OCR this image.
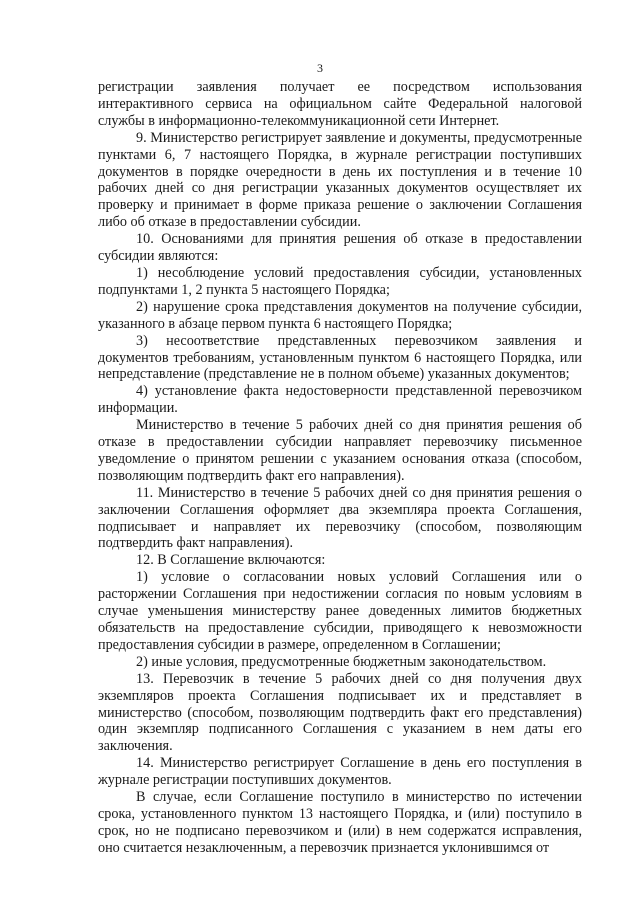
3

регистрации заявления получает ее посредством использования интерактивного сервиса на официальном сайте Федеральной налоговой службы в информационно-телекоммуникационной сети Интернет.

9. Министерство регистрирует заявление и документы, предусмотренные пунктами 6, 7 настоящего Порядка, в журнале регистрации поступивших документов в порядке очередности в день их поступления и в течение 10 рабочих дней со дня регистрации указанных документов осуществляет их проверку и принимает в форме приказа решение о заключении Соглашения либо об отказе в предоставлении субсидии.

10. Основаниями для принятия решения об отказе в предоставлении субсидии являются:

1) несоблюдение условий предоставления субсидии, установленных подпунктами 1, 2 пункта 5 настоящего Порядка;

2) нарушение срока представления документов на получение субсидии, указанного в абзаце первом пункта 6 настоящего Порядка;

3) несоответствие представленных перевозчиком заявления и документов требованиям, установленным пунктом 6 настоящего Порядка, или непредставление (представление не в полном объеме) указанных документов;

4) установление факта недостоверности представленной перевозчиком информации.

Министерство в течение 5 рабочих дней со дня принятия решения об отказе в предоставлении субсидии направляет перевозчику письменное уведомление о принятом решении с указанием основания отказа (способом, позволяющим подтвердить факт его направления).

11. Министерство в течение 5 рабочих дней со дня принятия решения о заключении Соглашения оформляет два экземпляра проекта Соглашения, подписывает и направляет их перевозчику (способом, позволяющим подтвердить факт направления).

12. В Соглашение включаются:

1) условие о согласовании новых условий Соглашения или о расторжении Соглашения при недостижении согласия по новым условиям в случае уменьшения министерству ранее доведенных лимитов бюджетных обязательств на предоставление субсидии, приводящего к невозможности предоставления субсидии в размере, определенном в Соглашении;

2) иные условия, предусмотренные бюджетным законодательством.

13. Перевозчик в течение 5 рабочих дней со дня получения двух экземпляров проекта Соглашения подписывает их и представляет в министерство (способом, позволяющим подтвердить факт его представления) один экземпляр подписанного Соглашения с указанием в нем даты его заключения.

14. Министерство регистрирует Соглашение в день его поступления в журнале регистрации поступивших документов.

В случае, если Соглашение поступило в министерство по истечении срока, установленного пунктом 13 настоящего Порядка, и (или) поступило в срок, но не подписано перевозчиком и (или) в нем содержатся исправления, оно считается незаключенным, а перевозчик признается уклонившимся от
